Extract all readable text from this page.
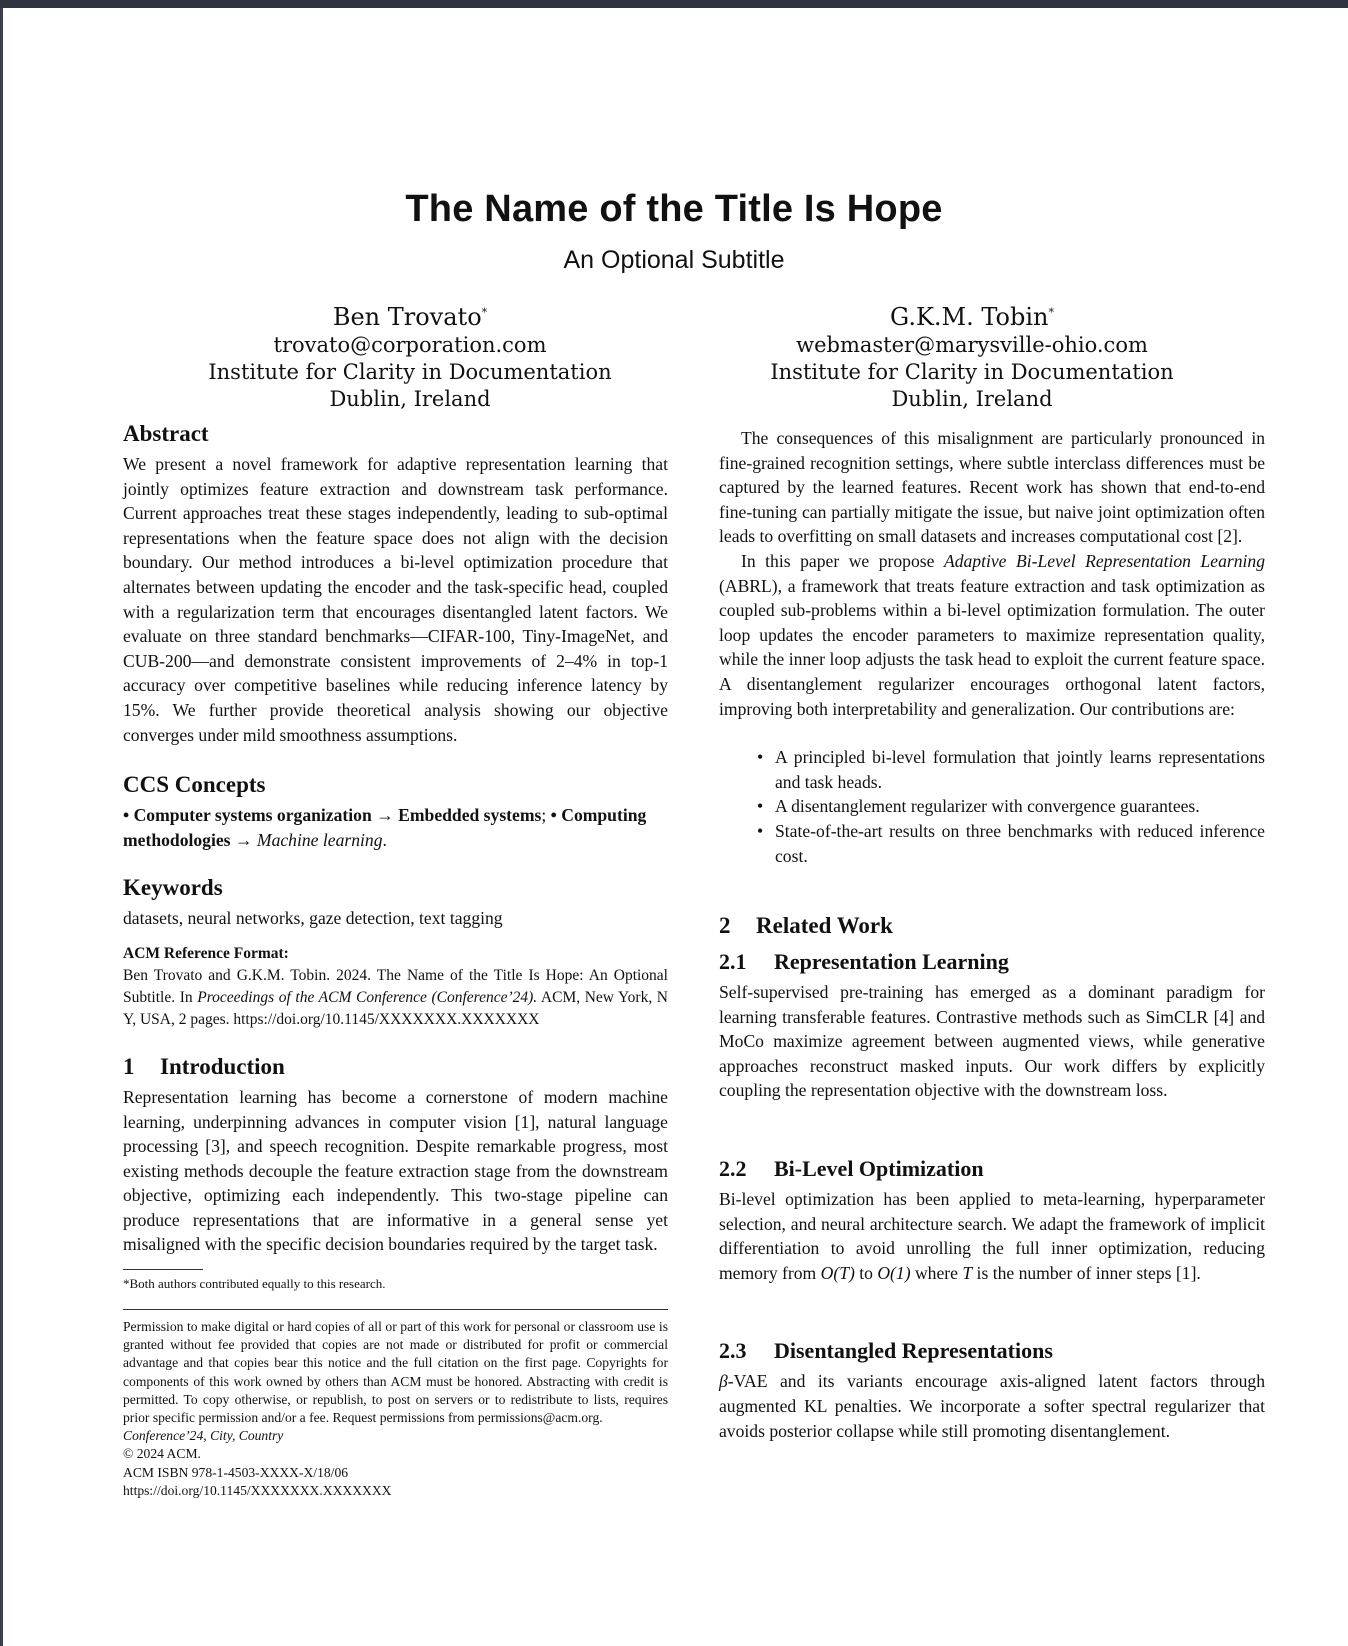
The Name of the Title Is Hope
An Optional Subtitle
Ben Trovato*
trovato@corporation.com
Institute for Clarity in Documentation
Dublin, Ireland
G.K.M. Tobin*
webmaster@marysville-ohio.com
Institute for Clarity in Documentation
Dublin, Ireland
Abstract

We present a novel framework for adaptive representation learning that jointly optimizes feature extraction and downstream task performance. Current approaches treat these stages independently, leading to sub-optimal representations when the feature space does not align with the decision boundary. Our method introduces a bi-level optimization procedure that alternates between updating the encoder and the task-specific head, coupled with a regularization term that encourages disentangled latent factors. We evaluate on three standard benchmarks—CIFAR-100, Tiny-ImageNet, and CUB-200—and demonstrate consistent improvements of 2–4% in top-1 accuracy over competitive baselines while reducing inference latency by 15%. We further provide theoretical analysis showing our objective converges under mild smoothness assumptions.

CCS Concepts

• Computer systems organization → Embedded systems; • Computing methodologies → Machine learning.

Keywords

datasets, neural networks, gaze detection, text tagging

ACM Reference Format:
Ben Trovato and G.K.M. Tobin. 2024. The Name of the Title Is Hope: An Optional Subtitle. In Proceedings of the ACM Conference (Conference’24). ACM, New York, NY, USA, 2 pages. https://doi.org/10.1145/XXXXXXX.XXXXXXX
1 Introduction

Representation learning has become a cornerstone of modern machine learning, underpinning advances in computer vision [1], natural language processing [3], and speech recognition. Despite remarkable progress, most existing methods decouple the feature extraction stage from the downstream objective, optimizing each independently. This two-stage pipeline can produce representations that are informative in a general sense yet misaligned with the specific decision boundaries required by the target task.

*Both authors contributed equally to this research.
Permission to make digital or hard copies of all or part of this work for personal or classroom use is granted without fee provided that copies are not made or distributed for profit or commercial advantage and that copies bear this notice and the full citation on the first page. Copyrights for components of this work owned by others than ACM must be honored. Abstracting with credit is permitted. To copy otherwise, or republish, to post on servers or to redistribute to lists, requires prior specific permission and/or a fee. Request permissions from permissions@acm.org.
Conference’24, City, Country
© 2024 ACM.
ACM ISBN 978-1-4503-XXXX-X/18/06
https://doi.org/10.1145/XXXXXXX.XXXXXXX

The consequences of this misalignment are particularly pronounced in fine-grained recognition settings, where subtle interclass differences must be captured by the learned features. Recent work has shown that end-to-end fine-tuning can partially mitigate the issue, but naive joint optimization often leads to overfitting on small datasets and increases computational cost [2].

In this paper we propose Adaptive Bi-Level Representation Learning (ABRL), a framework that treats feature extraction and task optimization as coupled sub-problems within a bi-level optimization formulation. The outer loop updates the encoder parameters to maximize representation quality, while the inner loop adjusts the task head to exploit the current feature space. A disentanglement regularizer encourages orthogonal latent factors, improving both interpretability and generalization. Our contributions are:

• A principled bi-level formulation that jointly learns representations and task heads.
• A disentanglement regularizer with convergence guarantees.
• State-of-the-art results on three benchmarks with reduced inference cost.
2 Related Work
2.1 Representation Learning

Self-supervised pre-training has emerged as a dominant paradigm for learning transferable features. Contrastive methods such as SimCLR [4] and MoCo maximize agreement between augmented views, while generative approaches reconstruct masked inputs. Our work differs by explicitly coupling the representation objective with the downstream loss.

2.2 Bi-Level Optimization

Bi-level optimization has been applied to meta-learning, hyperparameter selection, and neural architecture search. We adapt the framework of implicit differentiation to avoid unrolling the full inner optimization, reducing memory from O(T) to O(1) where T is the number of inner steps [1].

2.3 Disentangled Representations

β-VAE and its variants encourage axis-aligned latent factors through augmented KL penalties. We incorporate a softer spectral regularizer that avoids posterior collapse while still promoting disentanglement.
